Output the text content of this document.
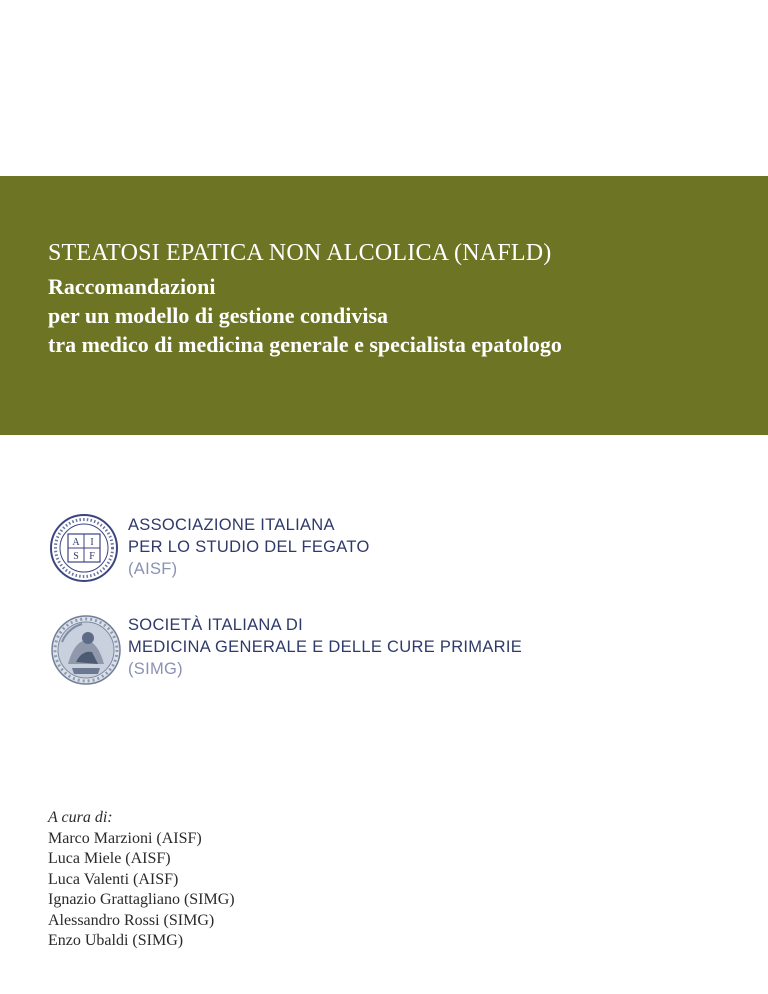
STEATOSI EPATICA NON ALCOLICA (NAFLD)
Raccomandazioni
per un modello di gestione condivisa
tra medico di medicina generale e specialista epatologo
A I
S F
ASSOCIAZIONE ITALIANA
PER LO STUDIO DEL FEGATO
(AISF)
SOCIETÀ ITALIANA DI
MEDICINA GENERALE E DELLE CURE PRIMARIE
(SIMG)
A cura di:
Marco Marzioni (AISF)
Luca Miele (AISF)
Luca Valenti (AISF)
Ignazio Grattagliano (SIMG)
Alessandro Rossi (SIMG)
Enzo Ubaldi (SIMG)
